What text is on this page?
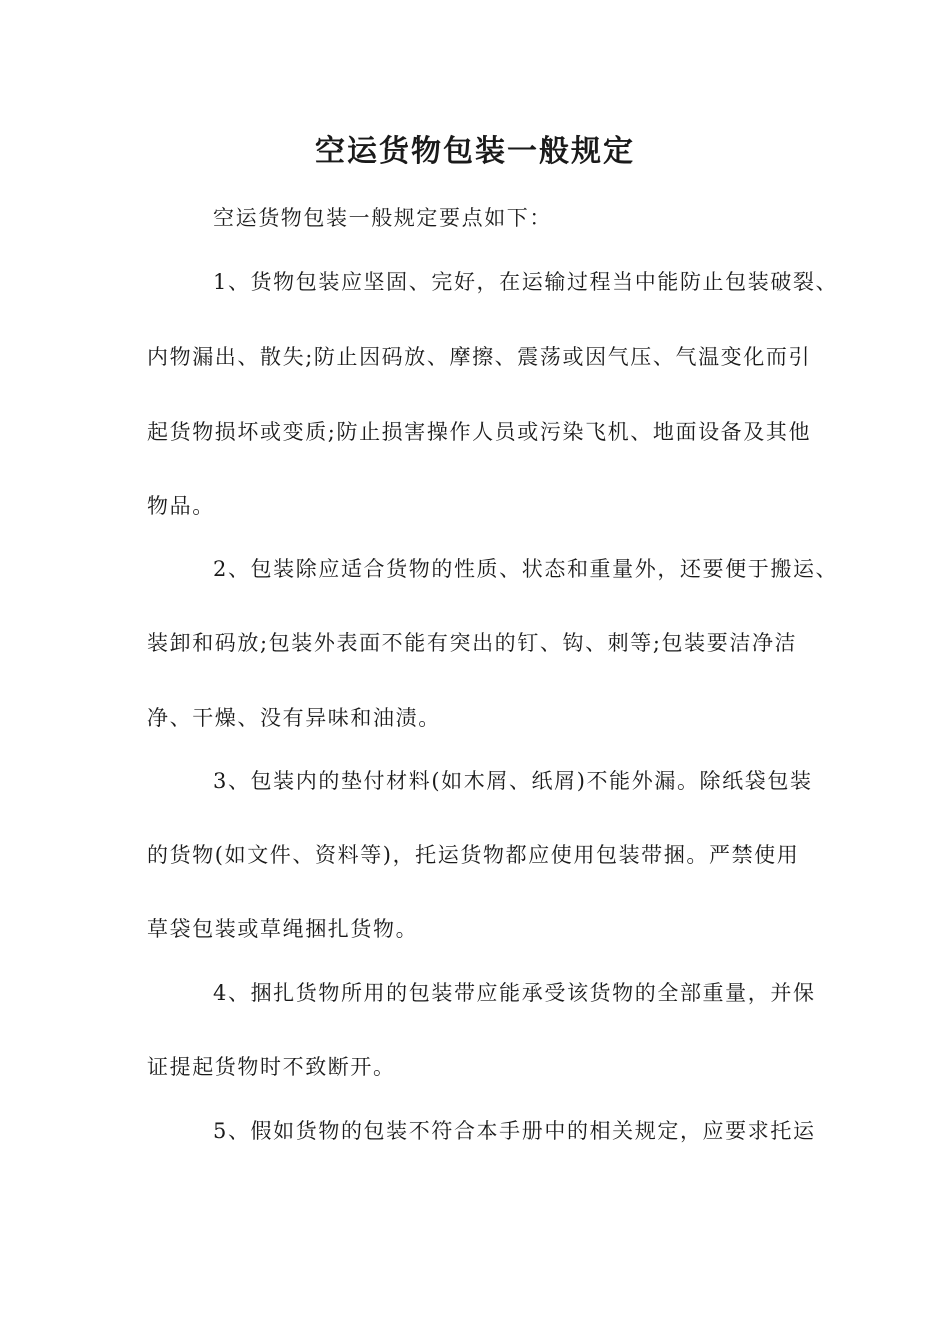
空运货物包装一般规定
空运货物包装一般规定要点如下：
1、货物包装应坚固、完好，在运输过程当中能防止包装破裂、
内物漏出、散失;防止因码放、摩擦、震荡或因气压、气温变化而引
起货物损坏或变质;防止损害操作人员或污染飞机、地面设备及其他
物品。
2、包装除应适合货物的性质、状态和重量外，还要便于搬运、
装卸和码放;包装外表面不能有突出的钉、钩、刺等;包装要洁净洁
净、干燥、没有异味和油渍。
3、包装内的垫付材料(如木屑、纸屑)不能外漏。除纸袋包装
的货物(如文件、资料等)，托运货物都应使用包装带捆。严禁使用
草袋包装或草绳捆扎货物。
4、捆扎货物所用的包装带应能承受该货物的全部重量，并保
证提起货物时不致断开。
5、假如货物的包装不符合本手册中的相关规定，应要求托运
